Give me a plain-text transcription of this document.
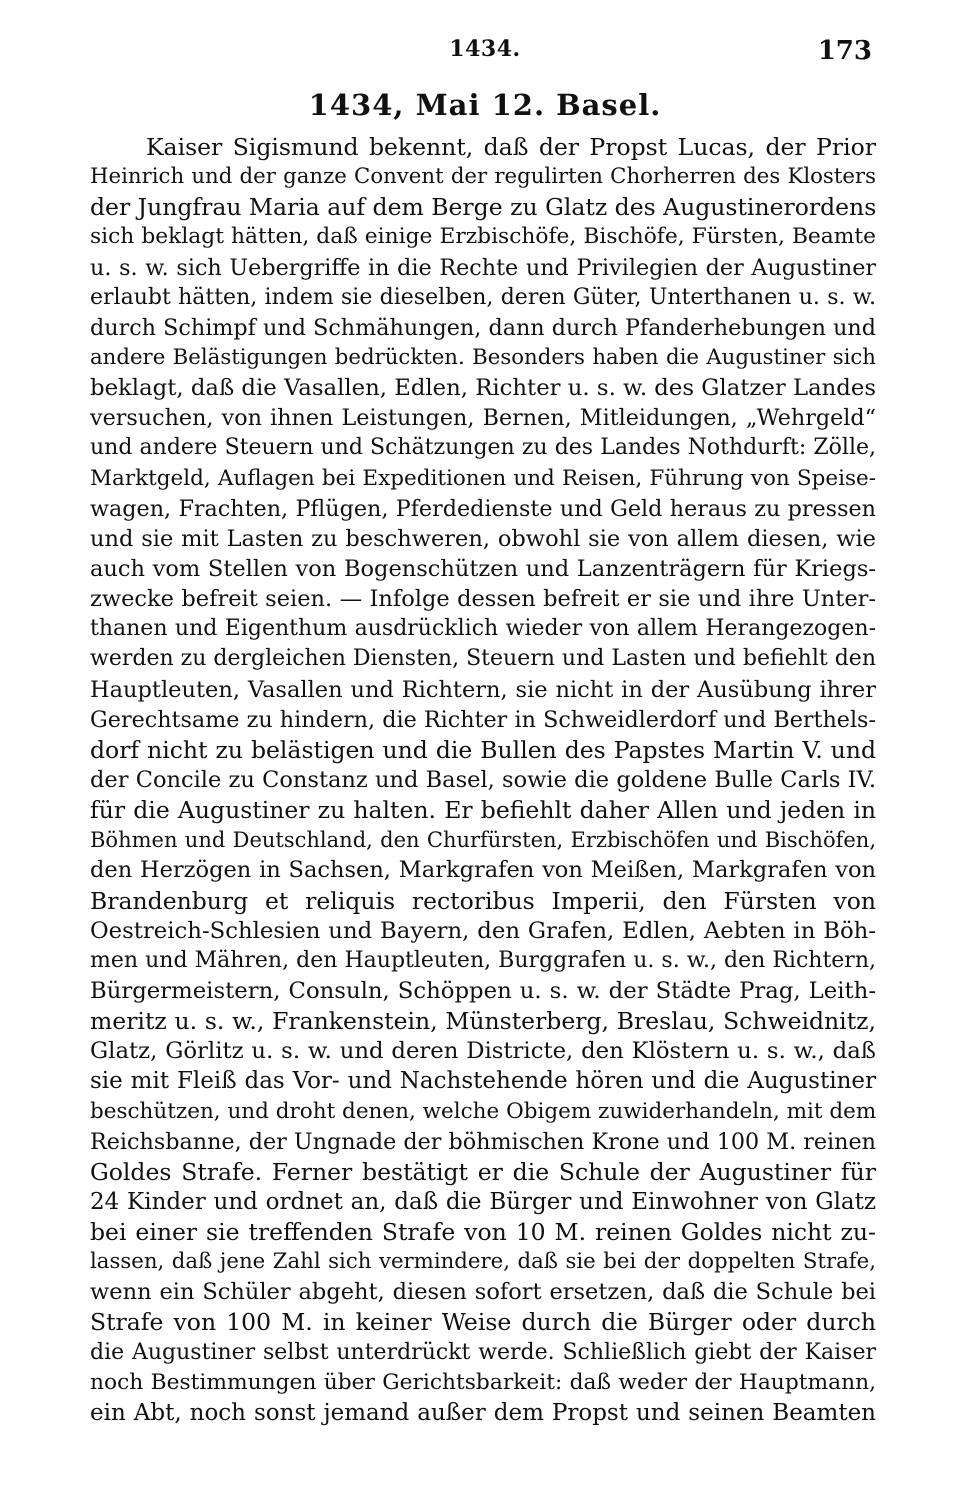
1434.	173
1434, Mai 12. Basel.
Kaiser Sigismund bekennt, daß der Propst Lucas, der Prior
Heinrich und der ganze Convent der regulirten Chorherren des Klosters
der Jungfrau Maria auf dem Berge zu Glatz des Augustinerordens
sich beklagt hätten, daß einige Erzbischöfe, Bischöfe, Fürsten, Beamte
u. s. w. sich Uebergriffe in die Rechte und Privilegien der Augustiner
erlaubt hätten, indem sie dieselben, deren Güter, Unterthanen u. s. w.
durch Schimpf und Schmähungen, dann durch Pfanderhebungen und
andere Belästigungen bedrückten. Besonders haben die Augustiner sich
beklagt, daß die Vasallen, Edlen, Richter u. s. w. des Glatzer Landes
versuchen, von ihnen Leistungen, Bernen, Mitleidungen, „Wehrgeld“
und andere Steuern und Schätzungen zu des Landes Nothdurft: Zölle,
Marktgeld, Auflagen bei Expeditionen und Reisen, Führung von Speise-
wagen, Frachten, Pflügen, Pferdedienste und Geld heraus zu pressen
und sie mit Lasten zu beschweren, obwohl sie von allem diesen, wie
auch vom Stellen von Bogenschützen und Lanzenträgern für Kriegs-
zwecke befreit seien. — Infolge dessen befreit er sie und ihre Unter-
thanen und Eigenthum ausdrücklich wieder von allem Herangezogen-
werden zu dergleichen Diensten, Steuern und Lasten und befiehlt den
Hauptleuten, Vasallen und Richtern, sie nicht in der Ausübung ihrer
Gerechtsame zu hindern, die Richter in Schweidlerdorf und Berthels-
dorf nicht zu belästigen und die Bullen des Papstes Martin V. und
der Concile zu Constanz und Basel, sowie die goldene Bulle Carls IV.
für die Augustiner zu halten. Er befiehlt daher Allen und jeden in
Böhmen und Deutschland, den Churfürsten, Erzbischöfen und Bischöfen,
den Herzögen in Sachsen, Markgrafen von Meißen, Markgrafen von
Brandenburg et reliquis rectoribus Imperii, den Fürsten von
Oestreich-Schlesien und Bayern, den Grafen, Edlen, Aebten in Böh-
men und Mähren, den Hauptleuten, Burggrafen u. s. w., den Richtern,
Bürgermeistern, Consuln, Schöppen u. s. w. der Städte Prag, Leith-
meritz u. s. w., Frankenstein, Münsterberg, Breslau, Schweidnitz,
Glatz, Görlitz u. s. w. und deren Districte, den Klöstern u. s. w., daß
sie mit Fleiß das Vor- und Nachstehende hören und die Augustiner
beschützen, und droht denen, welche Obigem zuwiderhandeln, mit dem
Reichsbanne, der Ungnade der böhmischen Krone und 100 M. reinen
Goldes Strafe. Ferner bestätigt er die Schule der Augustiner für
24 Kinder und ordnet an, daß die Bürger und Einwohner von Glatz
bei einer sie treffenden Strafe von 10 M. reinen Goldes nicht zu-
lassen, daß jene Zahl sich vermindere, daß sie bei der doppelten Strafe,
wenn ein Schüler abgeht, diesen sofort ersetzen, daß die Schule bei
Strafe von 100 M. in keiner Weise durch die Bürger oder durch
die Augustiner selbst unterdrückt werde. Schließlich giebt der Kaiser
noch Bestimmungen über Gerichtsbarkeit: daß weder der Hauptmann,
ein Abt, noch sonst jemand außer dem Propst und seinen Beamten
